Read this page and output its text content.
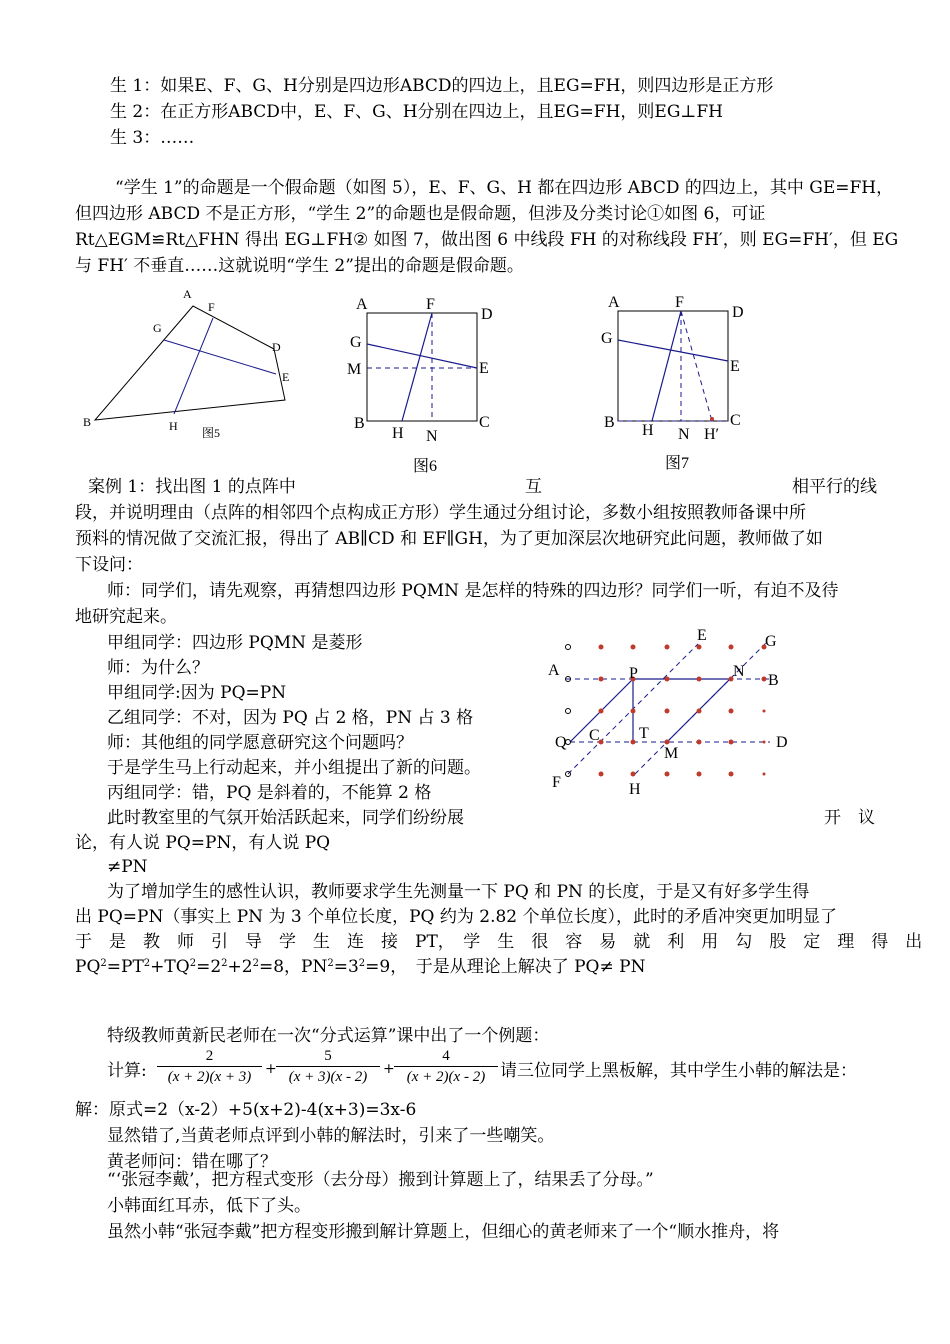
生 1：如果E、F、G、H分别是四边形ABCD的四边上，且EG=FH，则四边形是正方形
生 2：在正方形ABCD中，E、F、G、H分别在四边上，且EG=FH，则EG⊥FH
生 3：……
“学生 1”的命题是一个假命题（如图 5），E、F、G、H 都在四边形 ABCD 的四边上，其中 GE=FH，
但四边形 ABCD 不是正方形，“学生 2”的命题也是假命题，但涉及分类讨论①如图 6，可证
Rt△EGM≌Rt△FHN 得出 EG⊥FH② 如图 7，做出图 6 中线段 FH 的对称线段 FH′，则 EG=FH′，但 EG
与 FH′ 不垂直……这就说明“学生 2”提出的命题是假命题。
A
F
G
D
E
B	H 图5
A	F
D
G
M	E
B
H N
C
图6
A	F
D
G
E
B H N H′
C
图7
案例 1：找出图 1 的点阵中	互	相平行的线
段，并说明理由（点阵的相邻四个点构成正方形）学生通过分组讨论，多数小组按照教师备课中所
预料的情况做了交流汇报，得出了 AB∥CD 和 EF∥GH，为了更加深层次地研究此问题，教师做了如
下设问：
师：同学们，请先观察，再猜想四边形 PQMN 是怎样的特殊的四边形？同学们一听，有迫不及待
地研究起来。
甲组同学：四边形 PQMN 是菱形
师：为什么？
甲组同学:因为 PQ=PN
乙组同学：不对，因为 PQ 占 2 格，PN 占 3 格
师：其他组的同学愿意研究这个问题吗？
于是学生马上行动起来，并小组提出了新的问题。
丙组同学：错，PQ 是斜着的，不能算 2 格
此时教室里的气氛开始活跃起来，同学们纷纷展	开　议
论，有人说 PQ=PN，有人说 PQ
≠PN
为了增加学生的感性认识，教师要求学生先测量一下 PQ 和 PN 的长度，于是又有好多学生得
出 PQ=PN（事实上 PN 为 3 个单位长度，PQ 约为 2.82 个单位长度），此时的矛盾冲突更加明显了
于　是　教　师　引　导　学　生　连　接　PT，　学　生　很　容　易　就　利　用　勾　股　定　理　得　出
$PQ^2=PT^2+TQ^2=2^2+2^2=8$，$PN^2=3^2=9$，　于是从理论上解决了 PQ≠ PN
E	G
A	P	N
B
Q C T
D
M
F	H
特级教师黄新民老师在一次“分式运算”课中出了一个例题：
计算:
2
(x + 2)(x + 3) +
5
(x + 3)(x - 2)	+
4
(x + 2)(x - 2) 请三位同学上黑板解，其中学生小韩的解法是：
解：原式=2（x-2）+5(x+2)-4(x+3)=3x-6
显然错了,当黄老师点评到小韩的解法时，引来了一些嘲笑。
黄老师问：错在哪了？
“‘张冠李戴’，把方程式变形（去分母）搬到计算题上了，结果丢了分母。”
小韩面红耳赤，低下了头。
虽然小韩“张冠李戴”把方程变形搬到解计算题上，但细心的黄老师来了一个“顺水推舟，将
